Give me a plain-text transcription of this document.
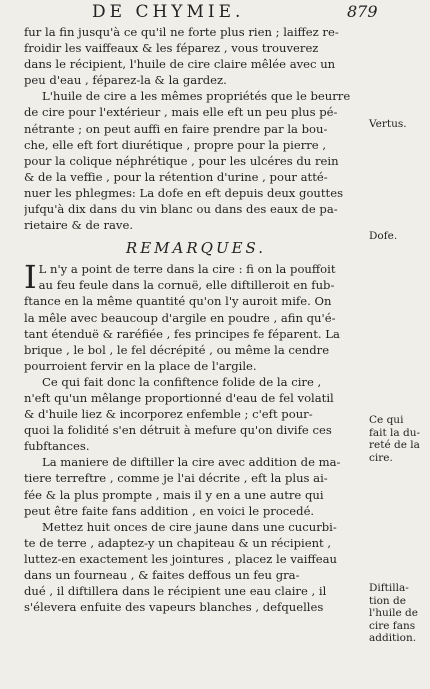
DE CHYMIE.	879
fur la fin jusqu'à ce qu'il ne forte plus rien ; laiffez re-
froidir les vaiffeaux & les féparez , vous trouverez
dans le récipient, l'huile de cire claire mêlée avec un
peu d'eau , féparez-la & la gardez.
L'huile de cire a les mêmes propriétés que le beurre
de cire pour l'extérieur , mais elle eft un peu plus pé-
nétrante ; on peut auffi en faire prendre par la bou-
che, elle eft fort diurétique , propre pour la pierre ,
pour la colique néphrétique , pour les ulcéres du rein
& de la veffie , pour la rétention d'urine , pour atté-
nuer les phlegmes: La dofe en eft depuis deux gouttes
jufqu'à dix dans du vin blanc ou dans des eaux de pa-
rietaire & de rave.
REMARQUES.
I L n'y a point de terre dans la cire : fi on la pouffoit
au feu feule dans la cornuë, elle diftilleroit en fub-
ftance en la même quantité qu'on l'y auroit mife. On
la mêle avec beaucoup d'argile en poudre , afin qu'é-
tant étenduë & raréfiée , fes principes fe féparent. La
brique , le bol , le fel décrépité , ou même la cendre
pourroient fervir en la place de l'argile.
Ce qui fait donc la confiftence folide de la cire ,
n'eft qu'un mêlange proportionné d'eau de fel volatil
& d'huile liez & incorporez enfemble ; c'eft pour-
quoi la folidité s'en détruit à mefure qu'on divife ces
fubftances.
La maniere de diftiller la cire avec addition de ma-
tiere terreftre , comme je l'ai décrite , eft la plus ai-
fée & la plus prompte , mais il y en a une autre qui
peut être faite fans addition , en voici le procedé.
Mettez huit onces de cire jaune dans une cucurbi-
te de terre , adaptez-y un chapiteau & un récipient ,
luttez-en exactement les jointures , placez le vaiffeau
dans un fourneau , & faites deffous un feu gra-
dué , il diftillera dans le récipient une eau claire , il
s'élevera enfuite des vapeurs blanches , defquelles
Vertus.
Dofe.
Ce qui
fait la du-
reté de la
cire.
Diftilla-
tion de
l'huile de
cire fans
addition.
